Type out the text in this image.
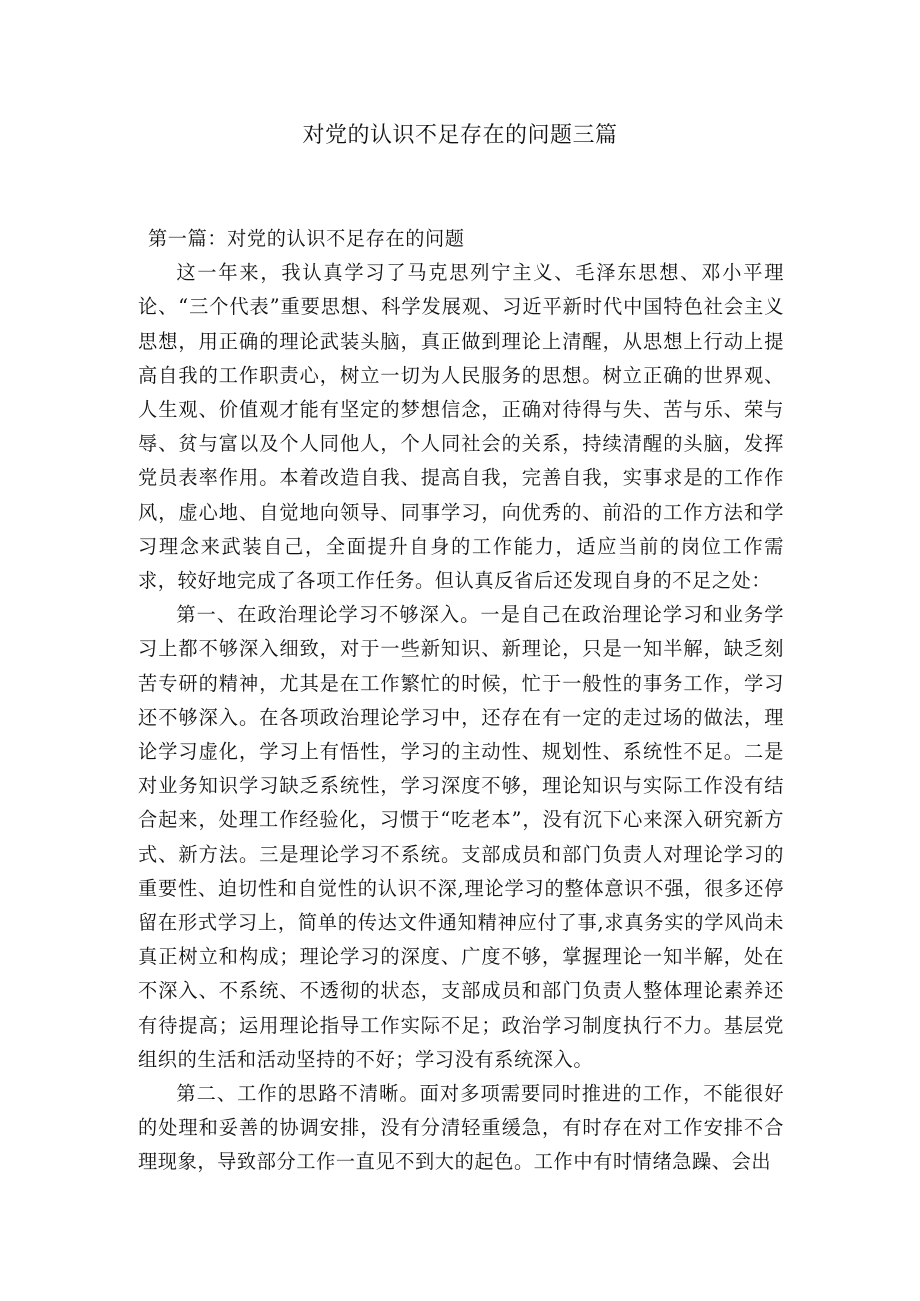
对党的认识不足存在的问题三篇

第一篇：对党的认识不足存在的问题

这一年来，我认真学习了马克思列宁主义、毛泽东思想、邓小平理论、“三个代表”重要思想、科学发展观、习近平新时代中国特色社会主义思想，用正确的理论武装头脑，真正做到理论上清醒，从思想上行动上提高自我的工作职责心，树立一切为人民服务的思想。树立正确的世界观、人生观、价值观才能有坚定的梦想信念，正确对待得与失、苦与乐、荣与辱、贫与富以及个人同他人，个人同社会的关系，持续清醒的头脑，发挥党员表率作用。本着改造自我、提高自我，完善自我，实事求是的工作作风，虚心地、自觉地向领导、同事学习，向优秀的、前沿的工作方法和学习理念来武装自己，全面提升自身的工作能力，适应当前的岗位工作需求，较好地完成了各项工作任务。但认真反省后还发现自身的不足之处：

第一、在政治理论学习不够深入。一是自己在政治理论学习和业务学习上都不够深入细致，对于一些新知识、新理论，只是一知半解，缺乏刻苦专研的精神，尤其是在工作繁忙的时候，忙于一般性的事务工作，学习还不够深入。在各项政治理论学习中，还存在有一定的走过场的做法，理论学习虚化，学习上有悟性，学习的主动性、规划性、系统性不足。二是对业务知识学习缺乏系统性，学习深度不够，理论知识与实际工作没有结合起来，处理工作经验化，习惯于“吃老本”，没有沉下心来深入研究新方式、新方法。三是理论学习不系统。支部成员和部门负责人对理论学习的重要性、迫切性和自觉性的认识不深,理论学习的整体意识不强，很多还停留在形式学习上，简单的传达文件通知精神应付了事,求真务实的学风尚未真正树立和构成；理论学习的深度、广度不够，掌握理论一知半解，处在不深入、不系统、不透彻的状态，支部成员和部门负责人整体理论素养还有待提高；运用理论指导工作实际不足；政治学习制度执行不力。基层党组织的生活和活动坚持的不好；学习没有系统深入。

第二、工作的思路不清晰。面对多项需要同时推进的工作，不能很好的处理和妥善的协调安排，没有分清轻重缓急，有时存在对工作安排不合理现象，导致部分工作一直见不到大的起色。工作中有时情绪急躁、会出
